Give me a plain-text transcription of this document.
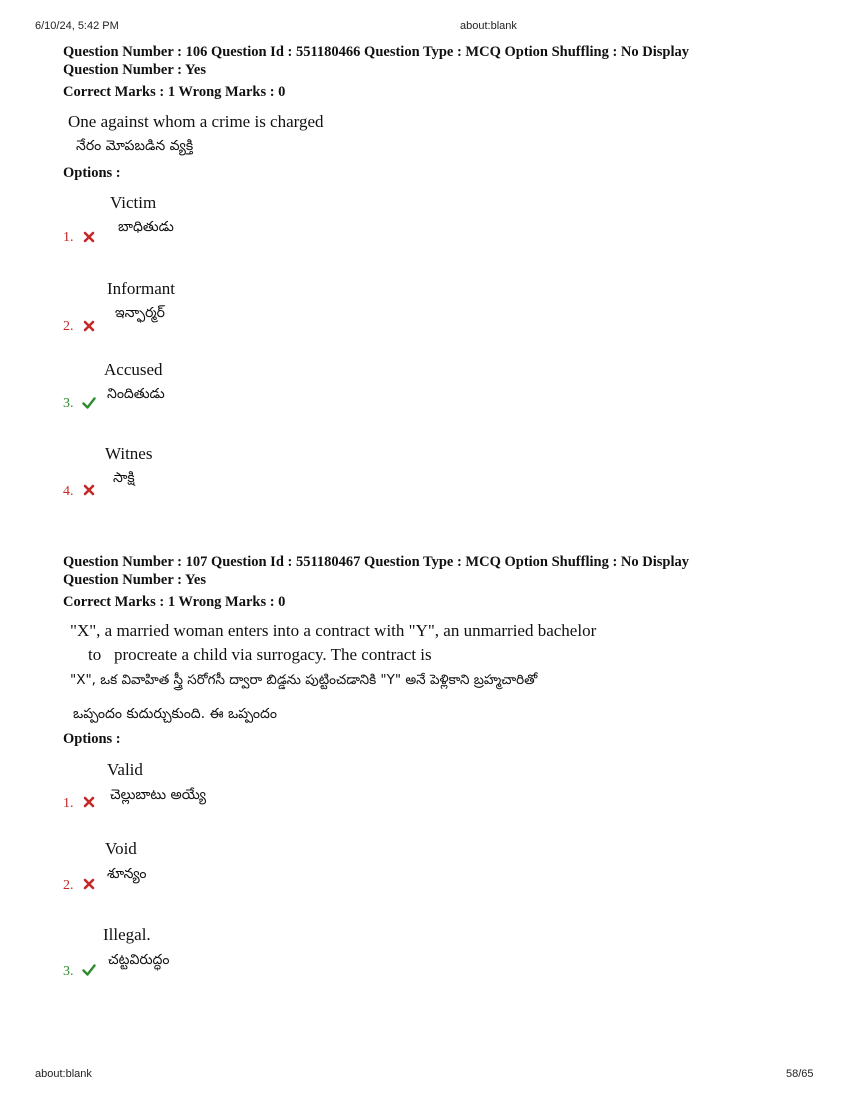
6/10/24, 5:42 PM	about:blank
Question Number : 106 Question Id : 551180466 Question Type : MCQ Option Shuffling : No Display
Question Number : Yes
Correct Marks : 1 Wrong Marks : 0
One against whom a crime is charged
నేరం మోపబడిన వ్యక్తి
Options :
Victim
బాధితుడు
1.
Informant
ఇన్ఫార్మర్
2.
Accused
నిందితుడు
3.
Witnes
సాక్షి
4.
Question Number : 107 Question Id : 551180467 Question Type : MCQ Option Shuffling : No Display
Question Number : Yes
Correct Marks : 1 Wrong Marks : 0
"X", a married woman enters into a contract with "Y", an unmarried bachelor
to   procreate a child via surrogacy. The contract is
"X", ఒక వివాహిత స్త్రీ సరోగసీ ద్వారా బిడ్డను పుట్టించడానికి "Y" అనే పెళ్లికాని బ్రహ్మచారితో
ఒప్పందం కుదుర్చుకుంది. ఈ ఒప్పందం
Options :
Valid
చెల్లుబాటు అయ్యే
1.
Void
శూన్యం
2.
Illegal.
చట్టవిరుద్ధం
3.
about:blank	58/65
